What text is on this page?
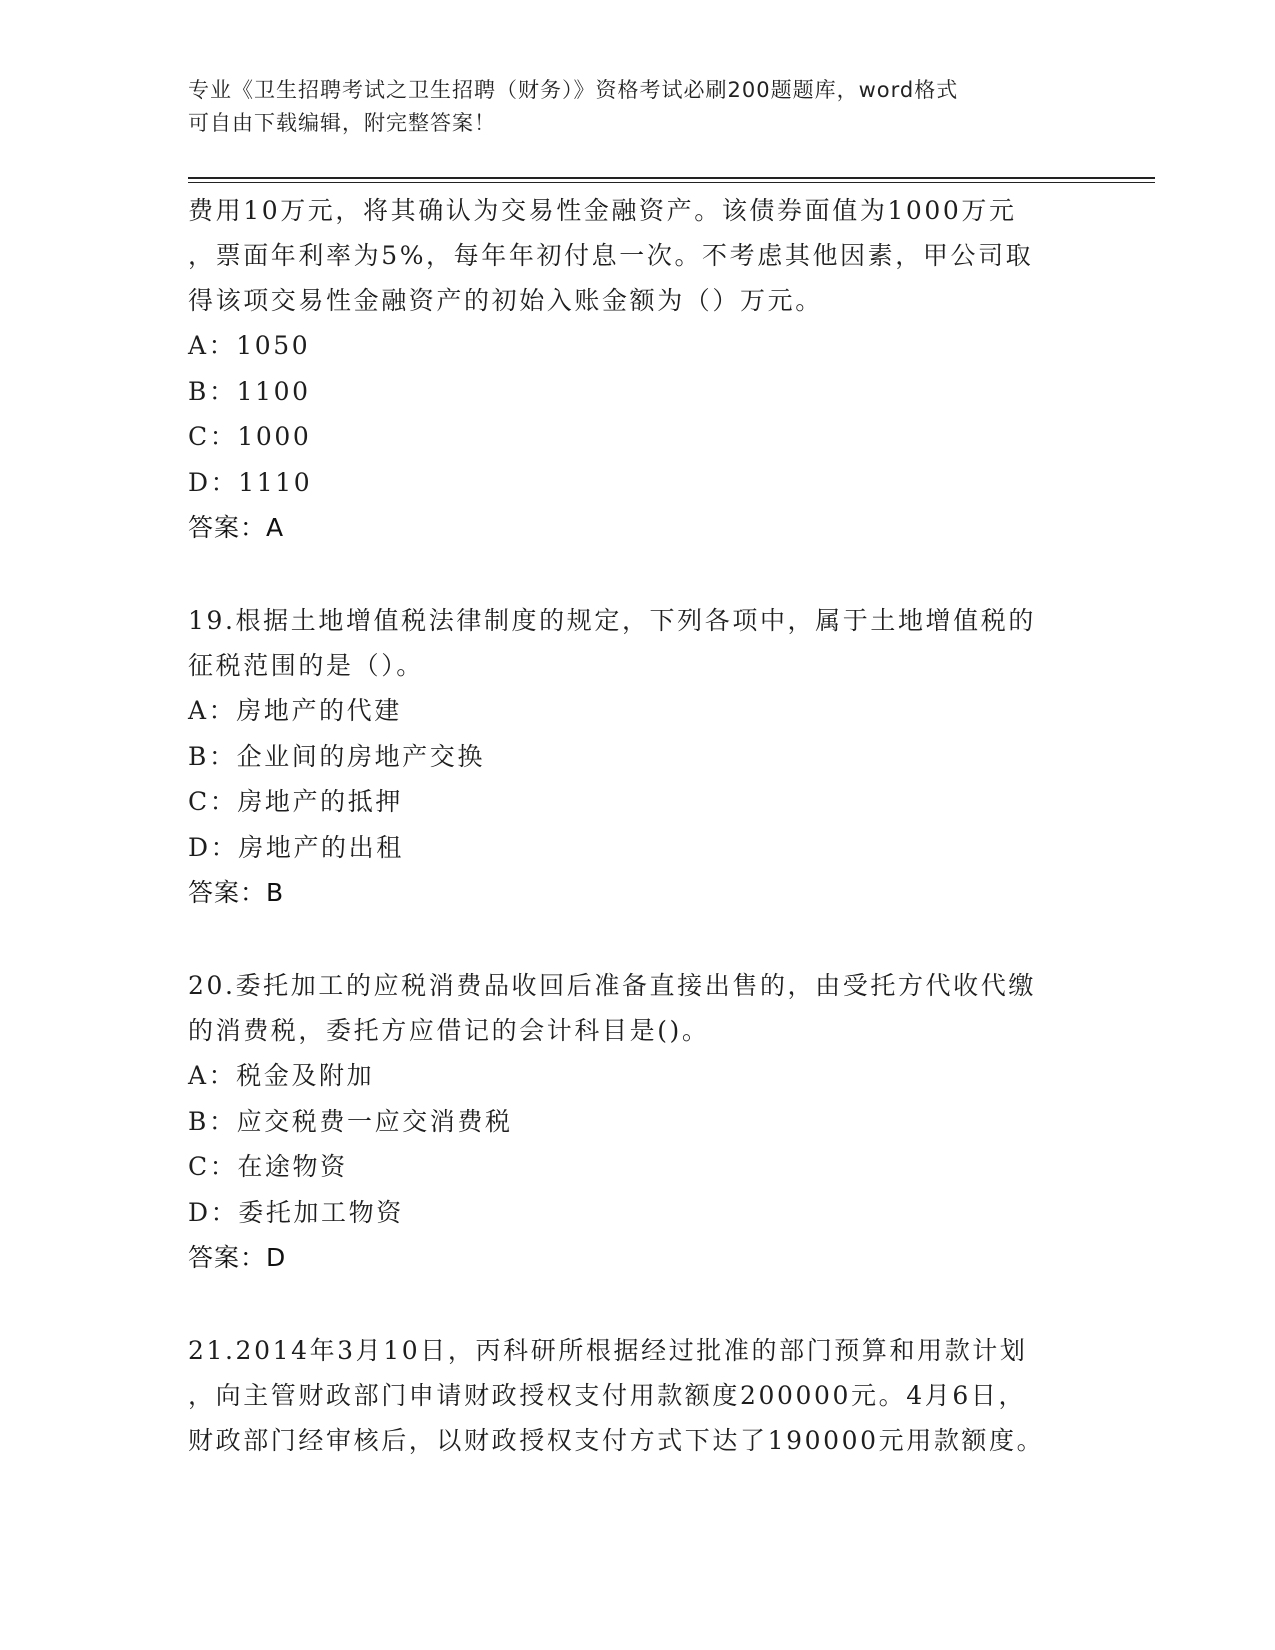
专业《卫生招聘考试之卫生招聘（财务）》资格考试必刷200题题库，word格式
可自由下载编辑，附完整答案！
费用10万元，将其确认为交易性金融资产。该债券面值为1000万元
，票面年利率为5%，每年年初付息一次。不考虑其他因素，甲公司取
得该项交易性金融资产的初始入账金额为（）万元。
A：1050
B：1100
C：1000
D：1110
答案：A
19.根据土地增值税法律制度的规定，下列各项中，属于土地增值税的
征税范围的是（）。
A：房地产的代建
B：企业间的房地产交换
C：房地产的抵押
D：房地产的出租
答案：B
20.委托加工的应税消费品收回后准备直接出售的，由受托方代收代缴
的消费税，委托方应借记的会计科目是()。
A：税金及附加
B：应交税费一应交消费税
C：在途物资
D：委托加工物资
答案：D
21.2014年3月10日，丙科研所根据经过批准的部门预算和用款计划
，向主管财政部门申请财政授权支付用款额度200000元。4月6日，
财政部门经审核后，以财政授权支付方式下达了190000元用款额度。
